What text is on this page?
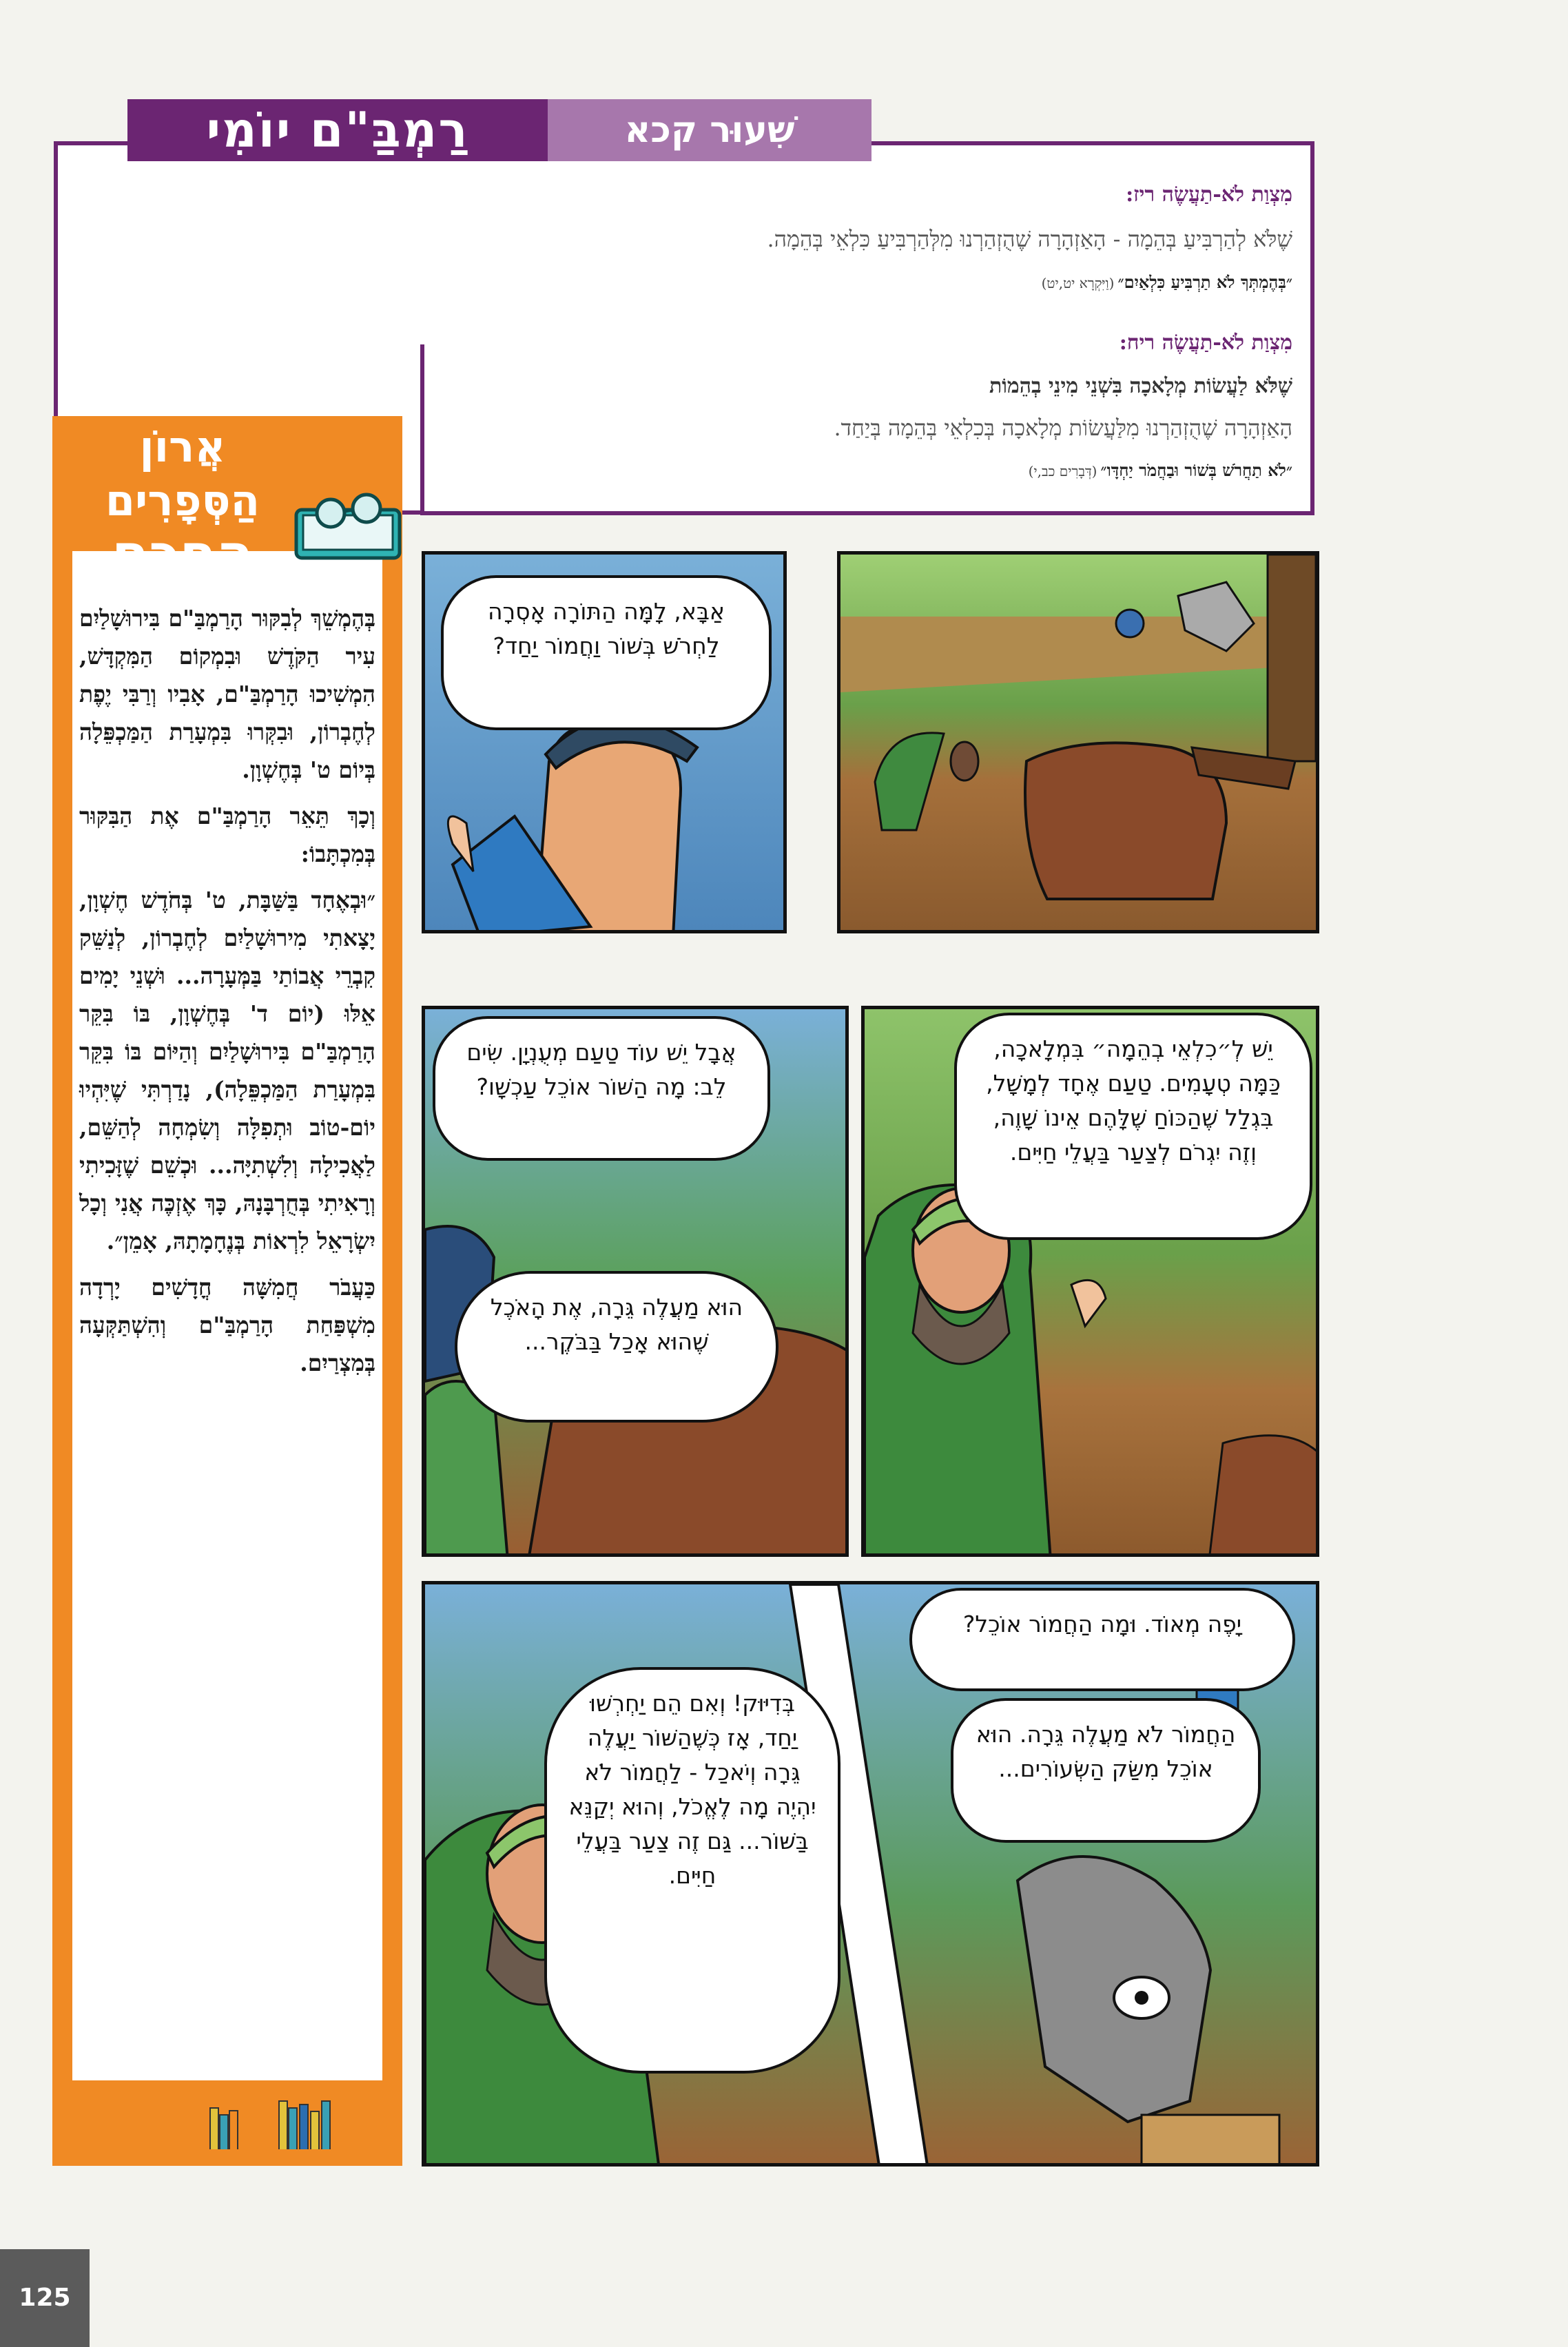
רַמְבַּ"ם יוֹמִי	שִׁעוּר קכא
מִצְוַת לֹא-תַעֲשֶׂה ריז:
שֶׁלֹּא לְהַרְבִּיעַ בְּהֵמָה - הָאַזְהָרָה שֶׁהֻזְהַרְנוּ מִלְּהַרְבִּיעַ כִּלְאֵי בְּהֵמָה.
״בְּהֶמְתְּךָ לֹא תַרְבִּיעַ כִּלְאַיִם״ (וַיִּקְרָא יט,יט)
מִצְוַת לֹא-תַעֲשֶׂה ריח:
שֶׁלֹּא לַעֲשׂוֹת מְלָאכָה בִּשְׁנֵי מִינֵי בְהֵמוֹת
הָאַזְהָרָה שֶׁהֻזְהַרְנוּ מִלַּעֲשׂוֹת מְלָאכָה בְּכִלְאֵי בְּהֵמָה בְּיַחַד.
״לֹא תַחֲרֹשׁ בְּשׁוֹר וּבַחֲמֹר יַחְדָּו״ (דְּבָרִים כב,י)
אֲרוֹן הַסְּפָרִים
הֶחָכָם

בְּהֶמְשֵׁךְ לְבִקּוּר הָרַמְבַּ"ם בִּירוּשָׁלַיִם עִיר הַקֹּדֶשׁ וּבִמְקוֹם הַמִּקְדָּשׁ, הִמְשִׁיכוּ הָרַמְבַּ"ם, אָבִיו וְרַבִּי יֶפֶת לְחֶבְרוֹן, וּבִקְּרוּ בִּמְעָרַת הַמַּכְפֵּלָה בְּיוֹם ט' בְּחֶשְׁוָן.

וְכָךְ תֵּאֵר הָרַמְבַּ"ם אֶת הַבִּקּוּר בְּמִכְתָּבוֹ:

״וּבְאֶחָד בַּשַּׁבָּת, ט' בְּחֹדֶשׁ חֶשְׁוָן, יָצָאתִי מִירוּשָׁלַיִם לְחֶבְרוֹן, לְנַשֵּׁק קִבְרֵי אֲבוֹתַי בַּמְּעָרָה... וּשְׁנֵי יָמִים אֵלּוּ (יוֹם ד' בְּחֶשְׁוָן, בּוֹ בִּקֵּר הָרַמְבַּ"ם בִּירוּשָׁלַיִם וְהַיּוֹם בּוֹ בִּקֵּר בִּמְעָרַת הַמַּכְפֵּלָה), נָדַרְתִּי שֶׁיִּהְיוּ יוֹם-טוֹב וּתְפִלָּה וְשִׂמְחָה לְהַשֵּׁם, לַאֲכִילָה וְלִשְׁתִיָּה... וּכְשֵׁם שֶׁזָּכִיתִי וְרָאִיתִי בְּחֻרְבָּנָהּ, כָּךְ אֶזְכֶּה אֲנִי וְכָל יִשְׂרָאֵל לִרְאוֹת בְּנֶחָמָתָהּ, אָמֵן״.

כַּעֲבֹר חֲמִשָּׁה חֳדָשִׁים יָרְדָה מִשְׁפַּחַת הָרַמְבַּ"ם וְהִשְׁתַּקְּעָה בְּמִצְרַיִם.

אַבָּא, לָמָּה הַתּוֹרָה אָסְרָה לַחְרֹשׁ בְּשׁוֹר וַחֲמוֹר יַחַד?
אֲבָל יֵשׁ עוֹד טַעַם מְעֻנְיָן. שִׂים לֵב: מָה הַשּׁוֹר אוֹכֵל עַכְשָׁו?
הוּא מַעֲלֶה גֵּרָה, אֶת הָאֹכֶל שֶׁהוּא אָכַל בַּבֹּקֶר...
יֵשׁ לְ״כִלְאֵי בְהֵמָה״ בִּמְלָאכָה, כַּמָּה טְעָמִים. טַעַם אֶחָד לְמָשָׁל, בִּגְלַל שֶׁהַכּוֹחַ שֶׁלָּהֶם אֵינוֹ שָׁוֶה, וְזֶה יִגְרֹם לְצַעַר בַּעֲלֵי חַיִּים.
בְּדִיּוּק! וְאִם הֵם יַחְרְשׁוּ יַחַד, אָז כְּשֶׁהַשּׁוֹר יַעֲלֶה גֵּרָה וְיֹאכַל - לַחֲמוֹר לֹא יִהְיֶה מָה לֶאֱכֹל, וְהוּא יְקַנֵּא בַּשּׁוֹר... גַּם זֶה צַעַר בַּעֲלֵי חַיִּים.
יָפֶה מְאוֹד. וּמָה הַחֲמוֹר אוֹכֵל?
הַחֲמוֹר לֹא מַעֲלֶה גֵּרָה. הוּא אוֹכֵל מִשַּׂק הַשְּׂעוֹרִים...
125
